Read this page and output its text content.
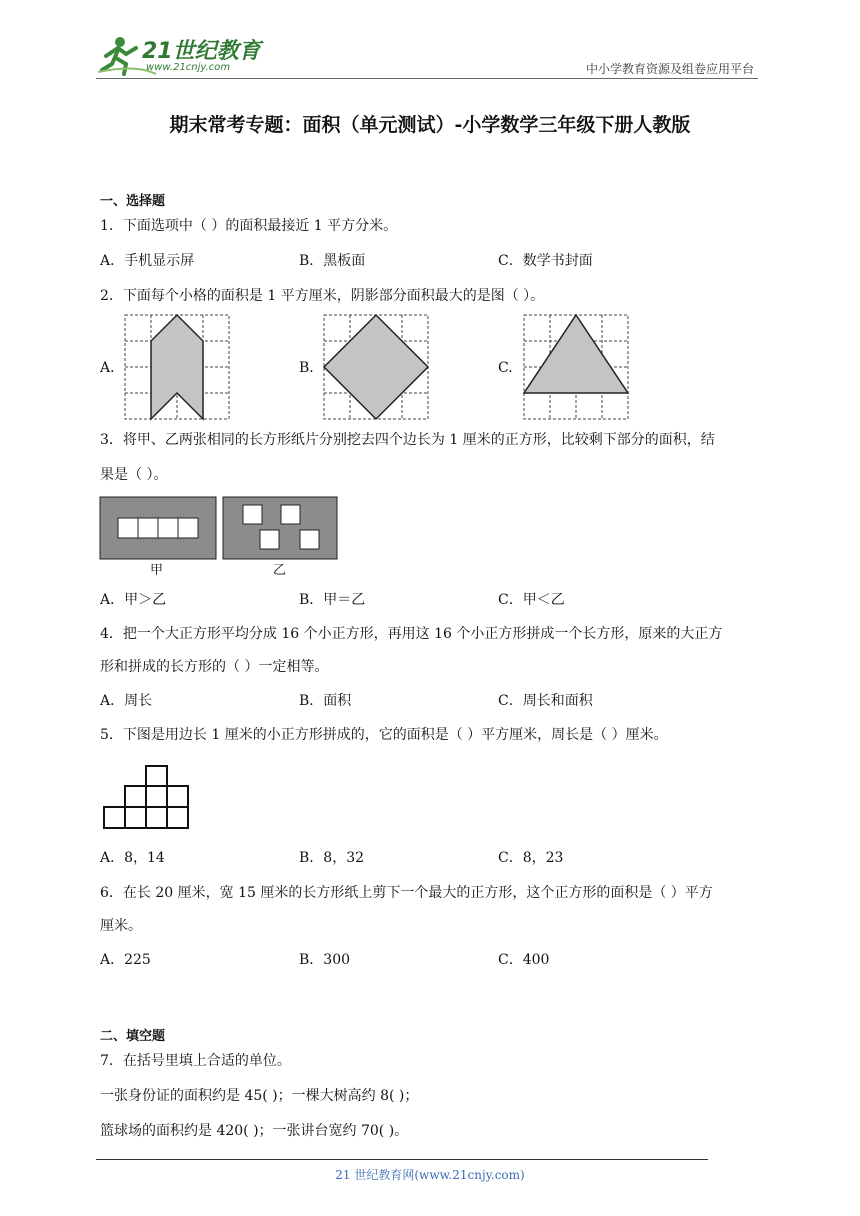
21世纪教育
www.21cnjy.com	中小学教育资源及组卷应用平台
期末常考专题：面积（单元测试）-小学数学三年级下册人教版
一、选择题
1．下面选项中（ ）的面积最接近 1 平方分米。
A．手机显示屏	B．黑板面	C．数学书封面
2．下面每个小格的面积是 1 平方厘米，阴影部分面积最大的是图（ ）。
A.	B.	C.
3．将甲、乙两张相同的长方形纸片分别挖去四个边长为 1 厘米的正方形，比较剩下部分的面积，结
果是（ ）。
甲	乙
A．甲＞乙	B．甲＝乙	C．甲＜乙
4．把一个大正方形平均分成 16 个小正方形，再用这 16 个小正方形拼成一个长方形，原来的大正方
形和拼成的长方形的（ ）一定相等。
A．周长	B．面积	C．周长和面积
5．下图是用边长 1 厘米的小正方形拼成的，它的面积是（ ）平方厘米，周长是（ ）厘米。
A．8，14	B．8，32	C．8，23
6．在长 20 厘米，宽 15 厘米的长方形纸上剪下一个最大的正方形，这个正方形的面积是（ ）平方
厘米。
A．225	B．300	C．400
二、填空题
7．在括号里填上合适的单位。
一张身份证的面积约是 45( )；一棵大树高约 8( )；
篮球场的面积约是 420( )；一张讲台宽约 70( )。
21 世纪教育网(www.21cnjy.com)
